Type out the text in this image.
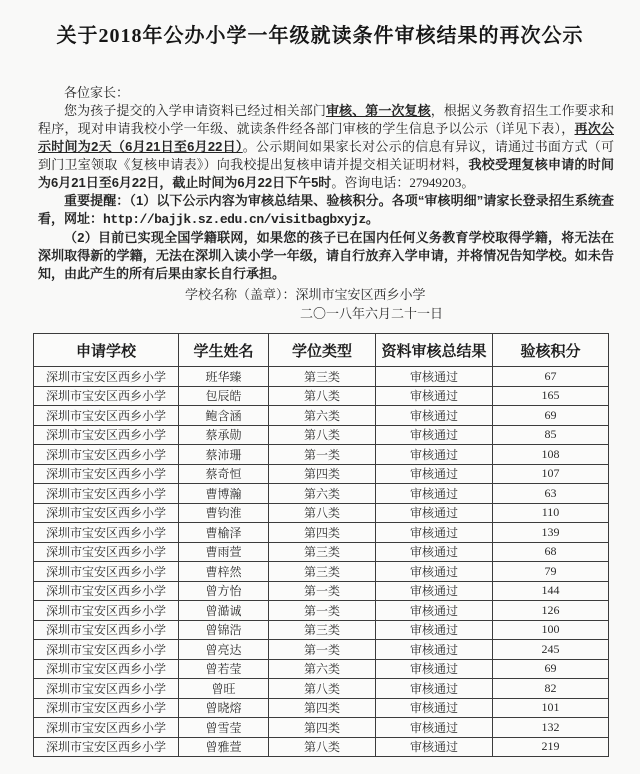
关于2018年公办小学一年级就读条件审核结果的再次公示

各位家长：

您为孩子提交的入学申请资料已经过相关部门审核、第一次复核，根据义务教育招生工作要求和程序，现对申请我校小学一年级、就读条件经各部门审核的学生信息予以公示（详见下表），再次公示时间为2天（6月21日至6月22日）。公示期间如果家长对公示的信息有异议，请通过书面方式（可到门卫室领取《复核申请表》）向我校提出复核申请并提交相关证明材料，我校受理复核申请的时间为6月21日至6月22日，截止时间为6月22日下午5时。咨询电话：27949203。

重要提醒：（1）以下公示内容为审核总结果、验核积分。各项“审核明细”请家长登录招生系统查看，网址：http://bajjk.sz.edu.cn/visitbagbxyjz。

（2）目前已实现全国学籍联网，如果您的孩子已在国内任何义务教育学校取得学籍，将无法在深圳取得新的学籍，无法在深圳入读小学一年级，请自行放弃入学申请，并将情况告知学校。如未告知，由此产生的所有后果由家长自行承担。

学校名称（盖章）：深圳市宝安区西乡小学
二〇一八年六月二十一日
申请学校	学生姓名	学位类型	资料审核总结果	验核积分
深圳市宝安区西乡小学	班华臻	第三类	审核通过	67
深圳市宝安区西乡小学	包辰皓	第八类	审核通过	165
深圳市宝安区西乡小学	鲍含涵	第六类	审核通过	69
深圳市宝安区西乡小学	蔡承勋	第八类	审核通过	85
深圳市宝安区西乡小学	蔡沛珊	第一类	审核通过	108
深圳市宝安区西乡小学	蔡奇恒	第四类	审核通过	107
深圳市宝安区西乡小学	曹博瀚	第六类	审核通过	63
深圳市宝安区西乡小学	曹钧淮	第八类	审核通过	110
深圳市宝安区西乡小学	曹榆泽	第四类	审核通过	139
深圳市宝安区西乡小学	曹雨萱	第三类	审核通过	68
深圳市宝安区西乡小学	曹梓然	第三类	审核通过	79
深圳市宝安区西乡小学	曾方怡	第一类	审核通过	144
深圳市宝安区西乡小学	曾澔诚	第一类	审核通过	126
深圳市宝安区西乡小学	曾锦浩	第三类	审核通过	100
深圳市宝安区西乡小学	曾亮达	第一类	审核通过	245
深圳市宝安区西乡小学	曾若莹	第六类	审核通过	69
深圳市宝安区西乡小学	曾旺	第八类	审核通过	82
深圳市宝安区西乡小学	曾晓熔	第四类	审核通过	101
深圳市宝安区西乡小学	曾雪莹	第四类	审核通过	132
深圳市宝安区西乡小学	曾雅萱	第八类	审核通过	219
